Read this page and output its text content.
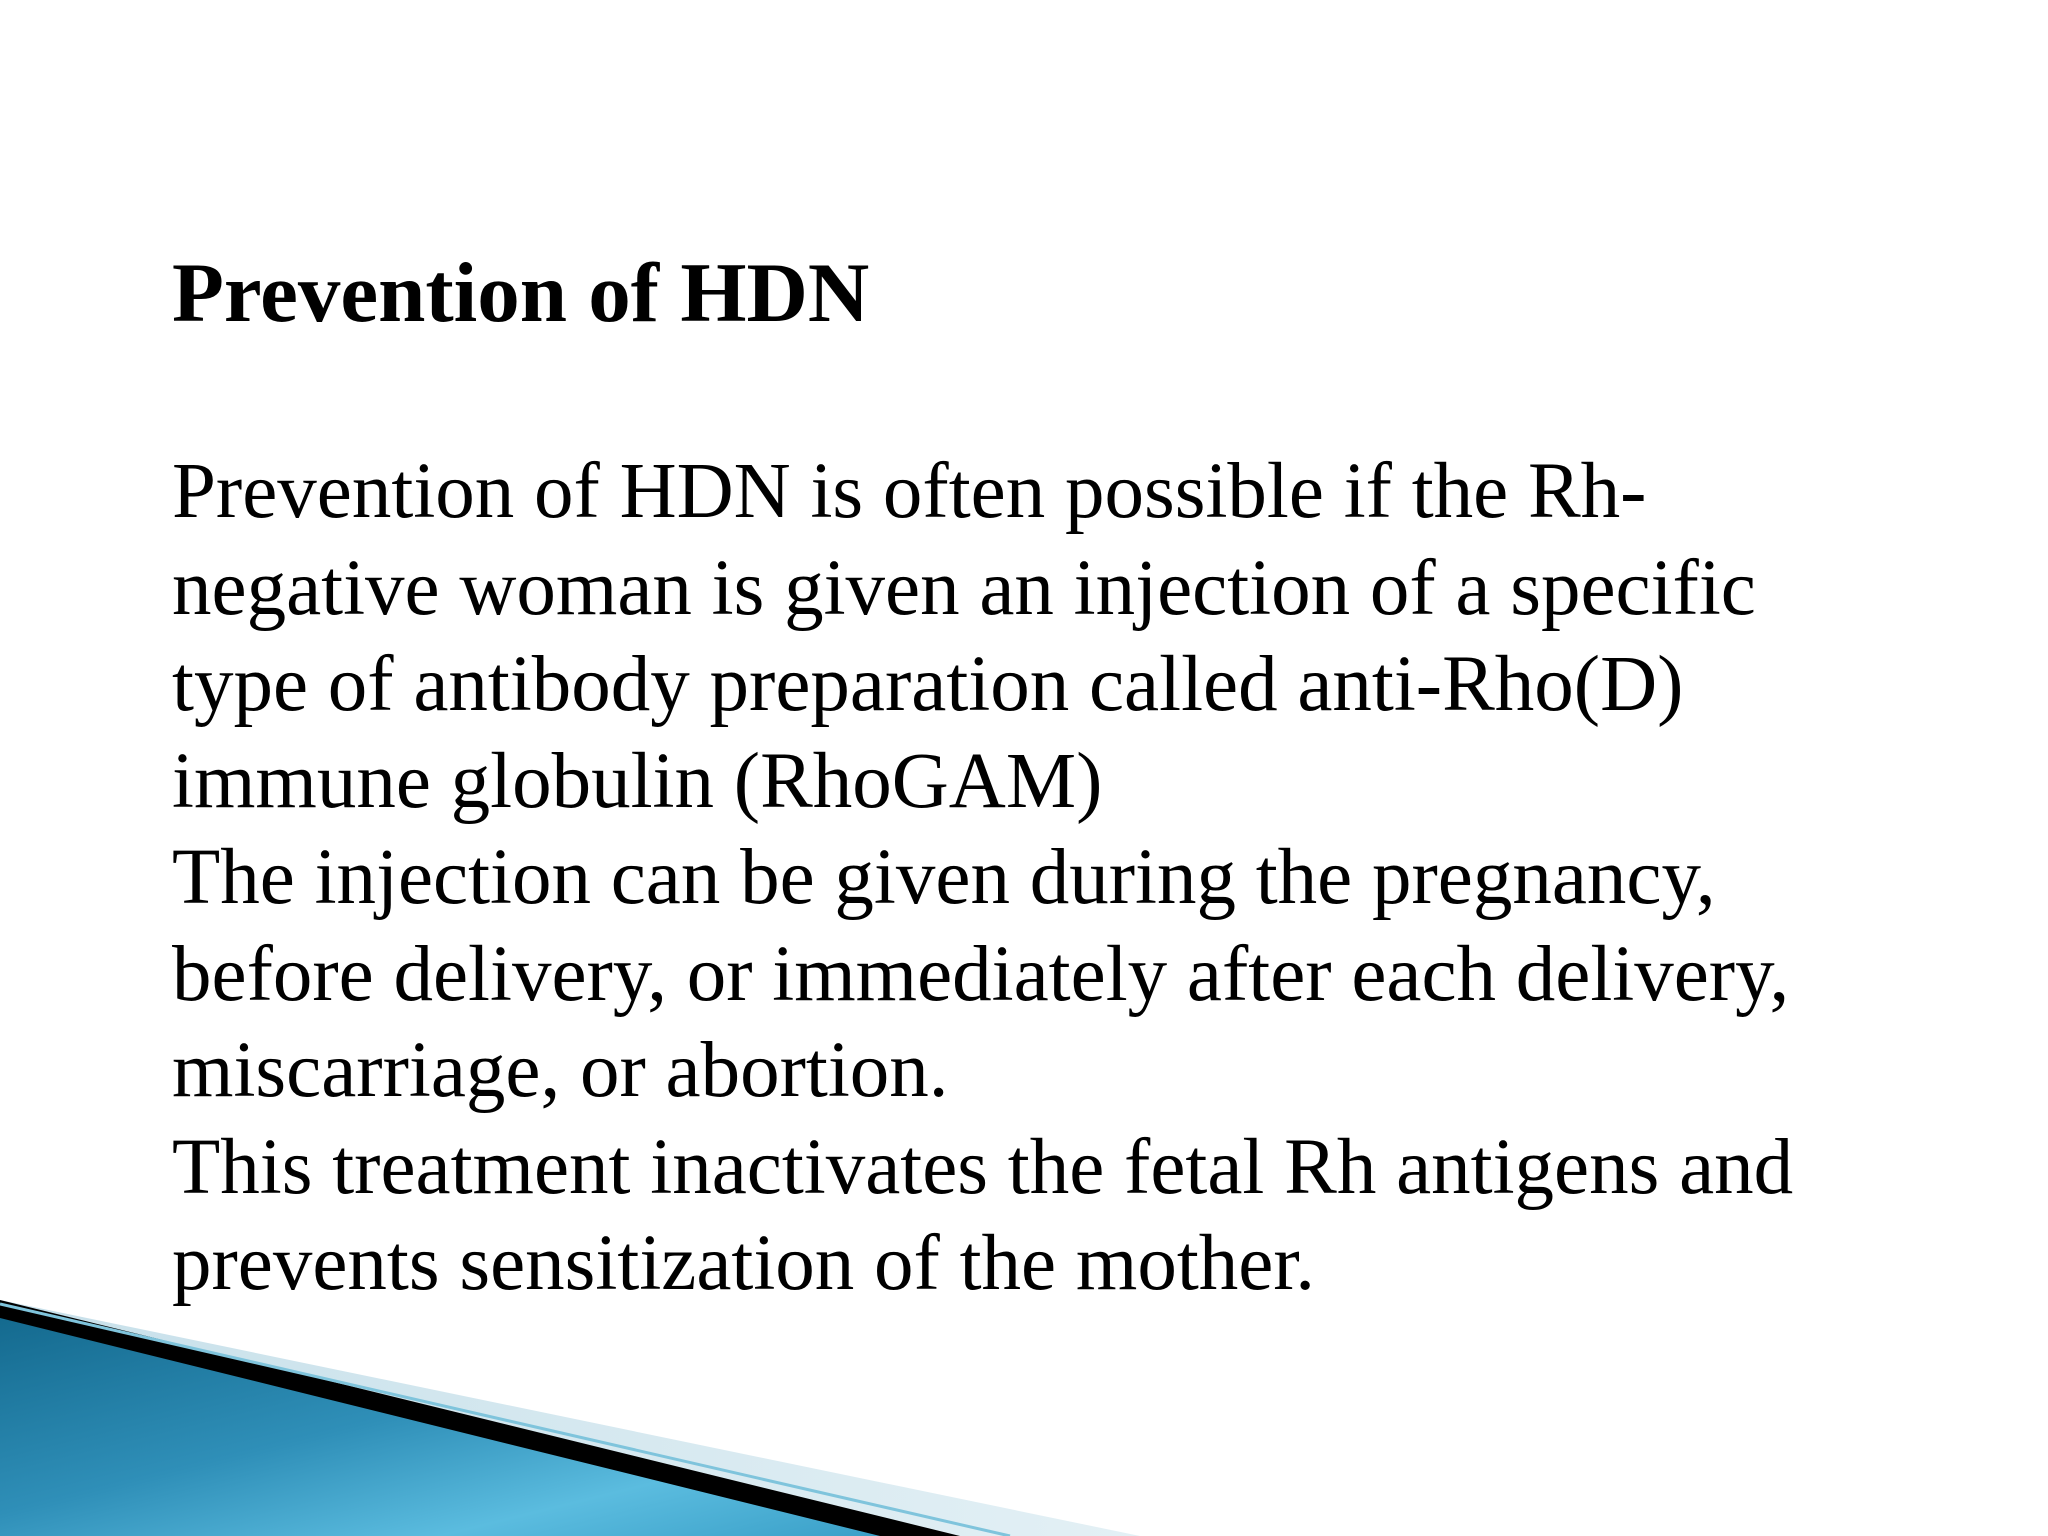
Prevention of HDN
Prevention of HDN is often possible if the Rh-
negative woman is given an injection of a specific
type of antibody preparation called anti-Rho(D)
immune globulin (RhoGAM)
The injection can be given during the pregnancy,
before delivery, or immediately after each delivery,
miscarriage, or abortion.
This treatment inactivates the fetal Rh antigens and
prevents sensitization of the mother.
